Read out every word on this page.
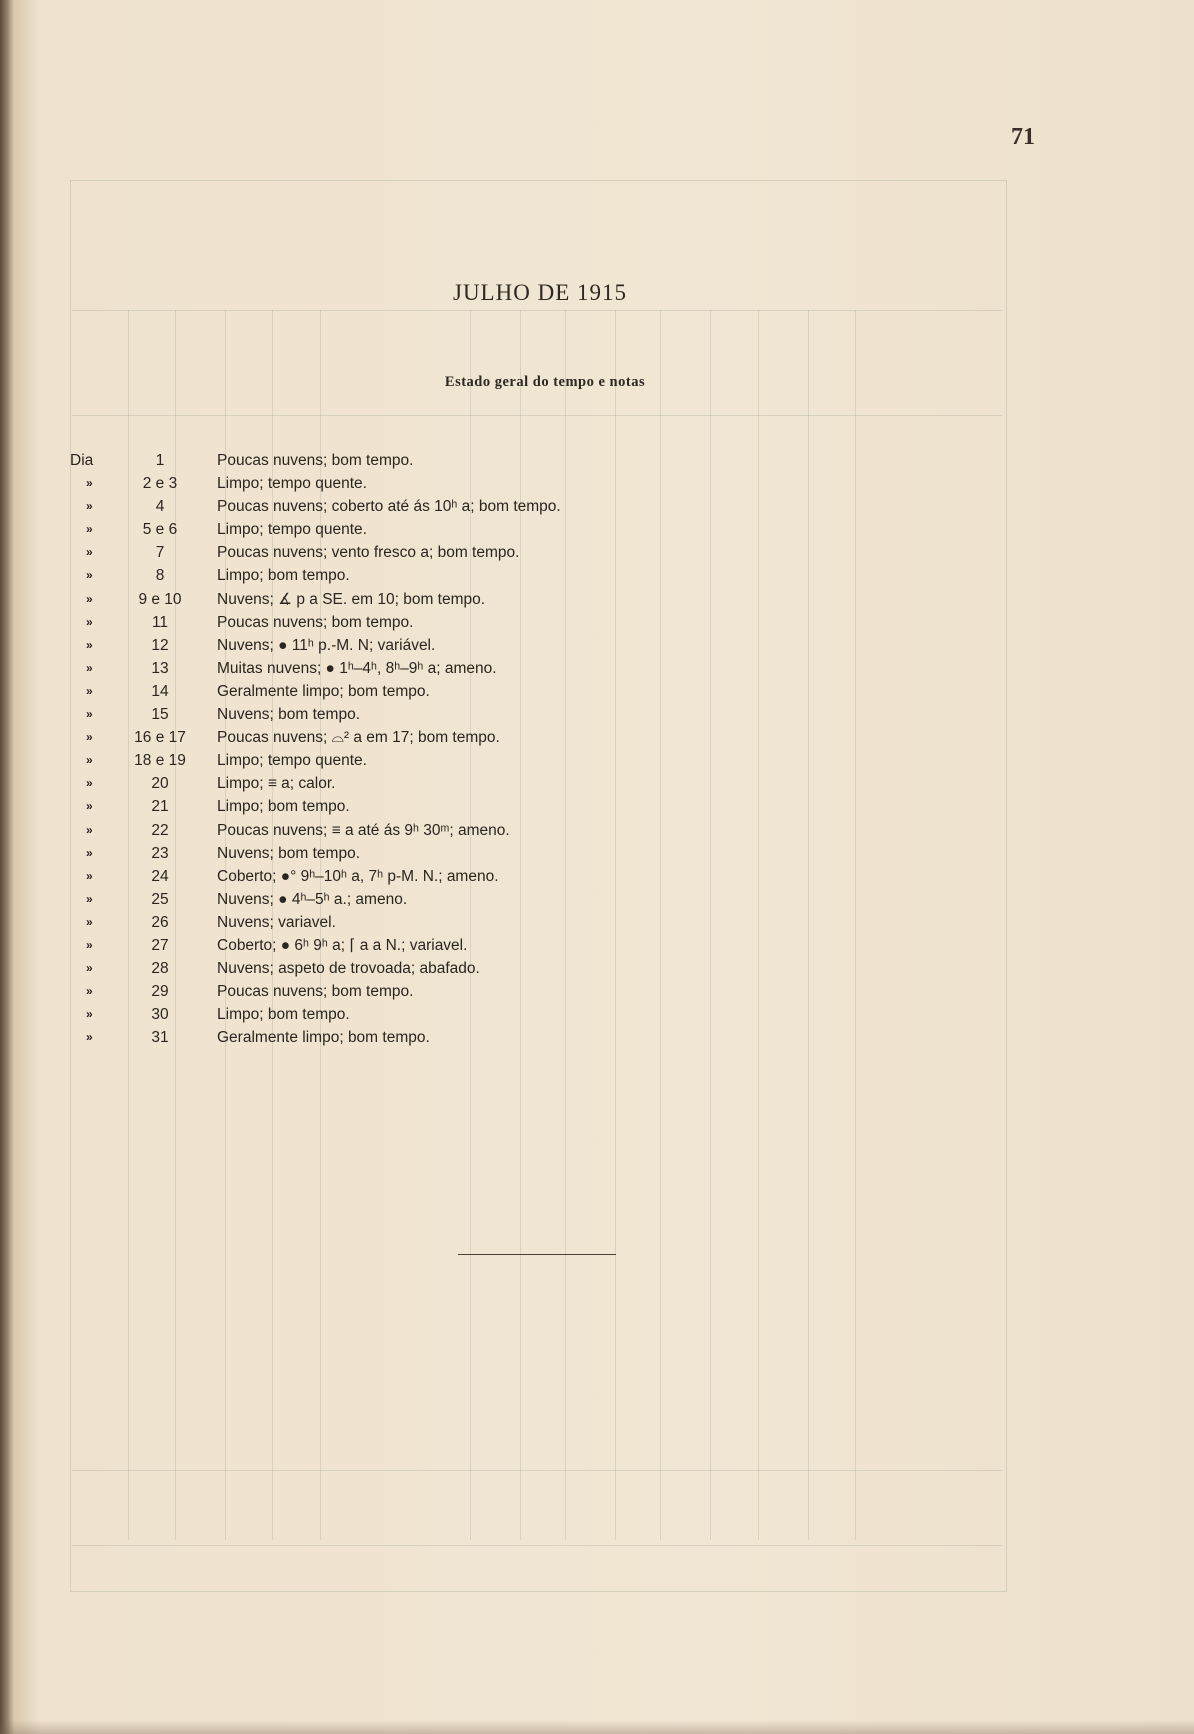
71
JULHO DE 1915
Estado geral do tempo e notas
Dia	1	Poucas nuvens; bom tempo.
»	2 e 3	Limpo; tempo quente.
»	4	Poucas nuvens; coberto até ás 10ʰ a; bom tempo.
»	5 e 6	Limpo; tempo quente.
»	7	Poucas nuvens; vento fresco a; bom tempo.
»	8	Limpo; bom tempo.
»	9 e 10	Nuvens; ∡ p a SE. em 10; bom tempo.
»	11	Poucas nuvens; bom tempo.
»	12	Nuvens; ● 11ʰ p.-M. N; variável.
»	13	Muitas nuvens; ● 1ʰ–4ʰ, 8ʰ–9ʰ a; ameno.
»	14	Geralmente limpo; bom tempo.
»	15	Nuvens; bom tempo.
»	16 e 17	Poucas nuvens; ⌓² a em 17; bom tempo.
»	18 e 19	Limpo; tempo quente.
»	20	Limpo; ≡ a; calor.
»	21	Limpo; bom tempo.
»	22	Poucas nuvens; ≡ a até ás 9ʰ 30ᵐ; ameno.
»	23	Nuvens; bom tempo.
»	24	Coberto; ●° 9ʰ–10ʰ a, 7ʰ p-M. N.; ameno.
»	25	Nuvens; ● 4ʰ–5ʰ a.; ameno.
»	26	Nuvens; variavel.
»	27	Coberto; ● 6ʰ 9ʰ a; ⌈ a a N.; variavel.
»	28	Nuvens; aspeto de trovoada; abafado.
»	29	Poucas nuvens; bom tempo.
»	30	Limpo; bom tempo.
»	31	Geralmente limpo; bom tempo.
